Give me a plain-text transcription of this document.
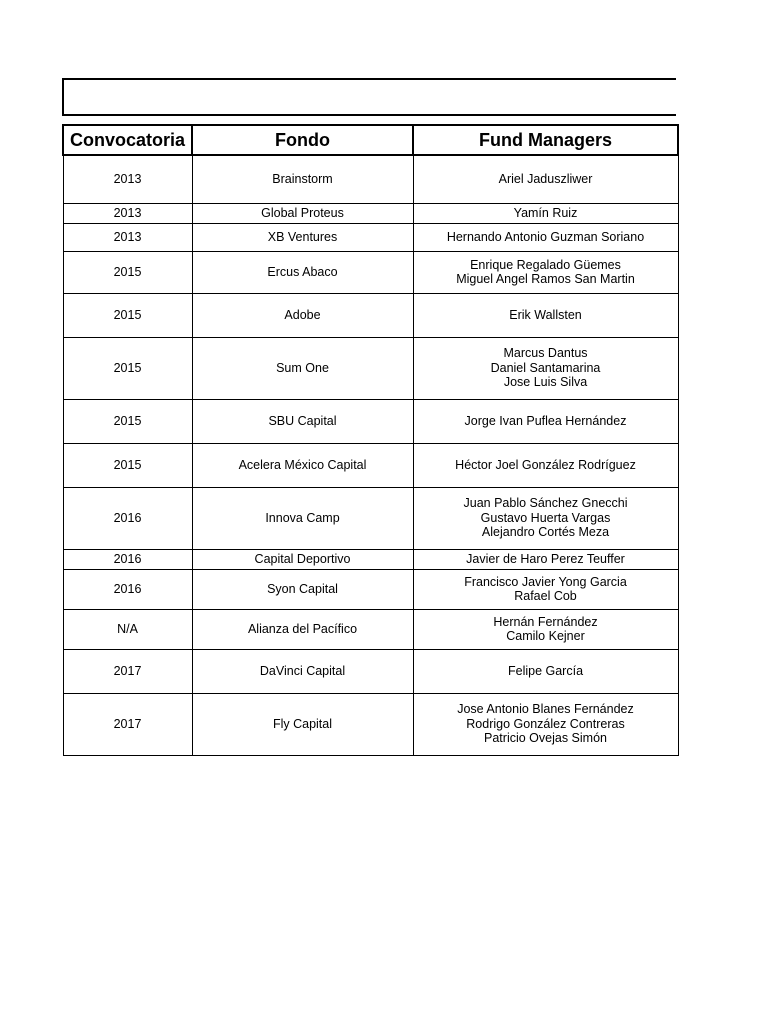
Convocatoria	Fondo	Fund Managers
2013	Brainstorm	Ariel Jaduszliwer

2013	Global Proteus	Yamín Ruiz

2013	XB Ventures	Hernando Antonio Guzman Soriano

2015	Ercus Abaco	Enrique Regalado Güemes
Miguel Angel Ramos San Martin

2015	Adobe	Erik Wallsten

2015	Sum One	Marcus Dantus
Daniel Santamarina
Jose Luis Silva

2015	SBU Capital	Jorge Ivan Puflea Hernández

2015	Acelera México Capital	Héctor Joel González Rodríguez

2016	Innova Camp	Juan Pablo Sánchez Gnecchi
Gustavo Huerta Vargas
Alejandro Cortés Meza

2016	Capital Deportivo	Javier de Haro Perez Teuffer

2016	Syon Capital	Francisco Javier Yong Garcia
Rafael Cob

N/A	Alianza del Pacífico	Hernán Fernández
Camilo Kejner

2017	DaVinci Capital	Felipe García

2017	Fly Capital	Jose Antonio Blanes Fernández
Rodrigo González Contreras
Patricio Ovejas Simón
